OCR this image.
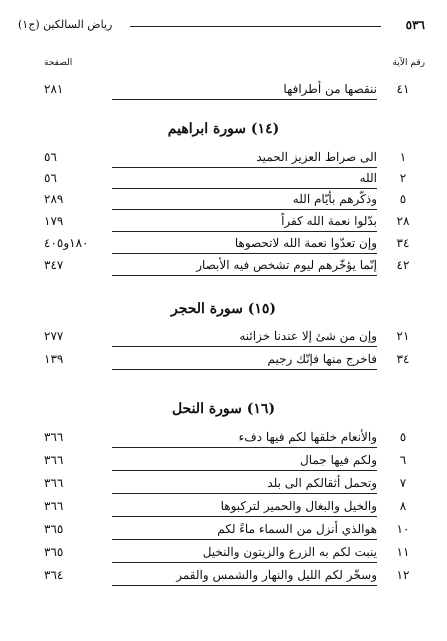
٥٣٦
رياض السالكين (ج١)
رقم الآية
الصفحة
٤١
ننقصها من أطرافها
٢٨١
(١٤) سورة ابراهيم
١
الى صراط العزيز الحميد
٥٦
٢
الله
٥٦
٥
وذكّرهم بأيّام الله
٢٨٩
٢٨
بدّلوا نعمة الله كفراً
١٧٩
٣٤
وإن تعدّوا نعمة الله لاتحصوها
١٨٠و٤٠٥
٤٢
إنّما يؤخّرهم ليوم تشخص فيه الأبصار
٣٤٧
(١٥) سورة الحجر
٢١
وإن من شئ إلا عندنا خزائنه
٢٧٧
٣٤
فاخرج منها فإنّك رجيم
١٣٩
(١٦) سورة النحل
٥
والأنعام خلقها لكم فيها دفء
٣٦٦
٦
ولكم فيها جمال
٣٦٦
٧
وتحمل أثقالكم الى بلد
٣٦٦
٨
والخيل والبغال والحمير لتركبوها
٣٦٦
١٠
هوالذي أنزل من السماء ماءً لكم
٣٦٥
١١
ينبت لكم به الزرع والزيتون والنخيل
٣٦٥
١٢
وسخّر لكم الليل والنهار والشمس والقمر
٣٦٤
